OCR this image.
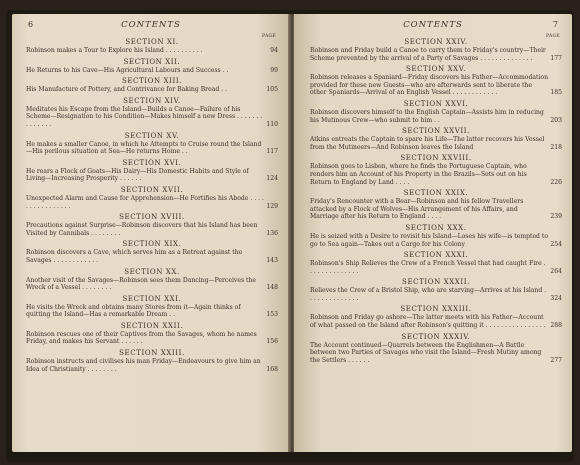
6	CONTENTS
PAGE
SECTION XI.
Robinson makes a Tour to Explore his Island . . . . . . . . . .	94
SECTION XII.
He Returns to his Cave—His Agricultural Labours and Success . .	99
SECTION XIII.
His Manufacture of Pottery, and Contrivance for Baking Bread . .	105
SECTION XIV.
Meditates his Escape from the Island—Builds a Canoe—Failure of his Scheme—Resignation to his Condition—Makes himself a new Dress . . . . . . . . . . . . . .	110
SECTION XV.
He makes a smaller Canoe, in which he Attempts to Cruise round the Island—His perilous situation at Sea—He returns Home . .	117
SECTION XVI.
He rears a Flock of Goats—His Dairy—His Domestic Habits and Style of Living—Increasing Prosperity . . . . . .	124
SECTION XVII.
Unexpected Alarm and Cause for Apprehension—He Fortifies his Abode . . . . . . . . . . . . . . . .	129
SECTION XVIII.
Precautions against Surprise—Robinson discovers that his Island has been Visited by Cannibals . . . . . . . .	136
SECTION XIX.
Robinson discovers a Cave, which serves him as a Retreat against the Savages . . . . . . . . . . . .	143
SECTION XX.
Another visit of the Savages—Robinson sees them Dancing—Perceives the Wreck of a Vessel . . . . . . . .	148
SECTION XXI.
He visits the Wreck and obtains many Stores from it—Again thinks of quitting the Island—Has a remarkable Dream . .	153
SECTION XXII.
Robinson rescues one of their Captives from the Savages, whom he names Friday, and makes his Servant . . . . . .	156
SECTION XXIII.
Robinson instructs and civilises his man Friday—Endeavours to give him an Idea of Christianity . . . . . . . .	168
CONTENTS	7
PAGE
SECTION XXIV.
Robinson and Friday build a Canoe to carry them to Friday's country—Their Scheme prevented by the arrival of a Party of Savages . . . . . . . . . . . . . .	177
SECTION XXV.
Robinson releases a Spaniard—Friday discovers his Father—Accommodation provided for these new Guests—who are afterwards sent to liberate the other Spaniards—Arrival of an English Vessel . . . . . . . . . . . .	185
SECTION XXVI.
Robinson discovers himself to the English Captain—Assists him in reducing his Mutinous Crew—who submit to him . .	203
SECTION XXVII.
Atkins entreats the Captain to spare his Life—The latter recovers his Vessel from the Mutineers—And Robinson leaves the Island	218
SECTION XXVIII.
Robinson goes to Lisbon, where he finds the Portuguese Captain, who renders him an Account of his Property in the Brazils—Sets out on his Return to England by Land . . . .	226
SECTION XXIX.
Friday's Rencounter with a Bear—Robinson and his fellow Travellers attacked by a Flock of Wolves—His Arrangement of his Affairs, and Marriage after his Return to England . . . .	239
SECTION XXX.
He is seized with a Desire to revisit his Island—Loses his wife—is tempted to go to Sea again—Takes out a Cargo for his Colony	254
SECTION XXXI.
Robinson's Ship Relieves the Crew of a French Vessel that had caught Fire . . . . . . . . . . . . . .	264
SECTION XXXII.
Relieves the Crew of a Bristol Ship, who are starving—Arrives at his Island . . . . . . . . . . . . . .	324
SECTION XXXIII.
Robinson and Friday go ashore—The latter meets with his Father—Account of what passed on the Island after Robinson's quitting it . . . . . . . . . . . . . . . . 288
SECTION XXXIV.
The Account continued—Quarrels between the Englishmen—A Battle between two Parties of Savages who visit the Island—Fresh Mutiny among the Settlers . . . . . .	277
